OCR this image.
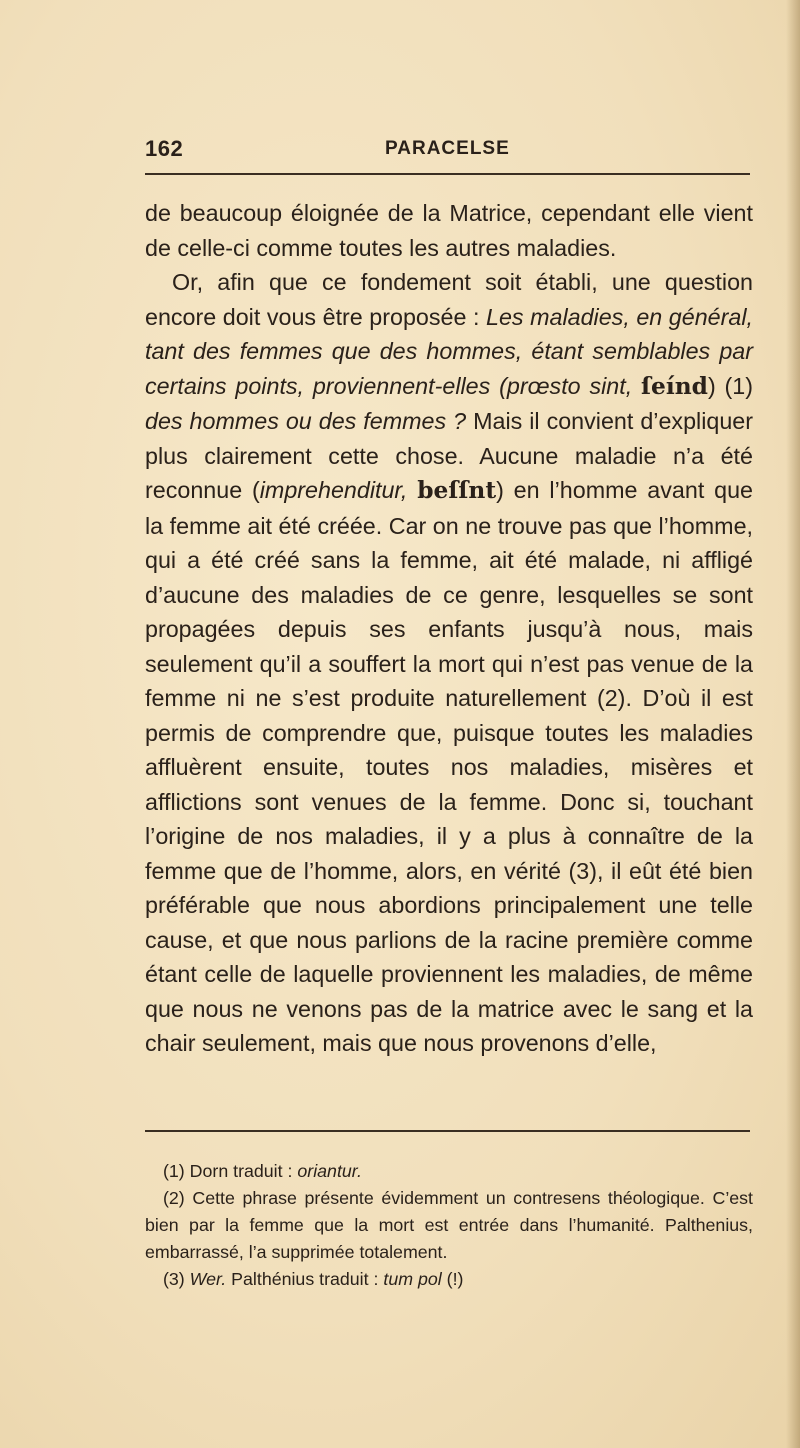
162	PARACELSE

de beaucoup éloignée de la Matrice, cependant elle vient de celle-ci comme toutes les autres maladies.

Or, afin que ce fondement soit établi, une question encore doit vous être proposée : Les maladies, en général, tant des femmes que des hommes, étant semblables par certains points, proviennent-elles (prœsto sint, ſeínd) (1) des hommes ou des femmes ? Mais il convient d’expliquer plus clairement cette chose. Aucune maladie n’a été reconnue (imprehenditur, beſſnt) en l’homme avant que la femme ait été créée. Car on ne trouve pas que l’homme, qui a été créé sans la femme, ait été malade, ni affligé d’aucune des maladies de ce genre, lesquelles se sont propagées depuis ses enfants jusqu’à nous, mais seulement qu’il a souffert la mort qui n’est pas venue de la femme ni ne s’est produite naturellement (2). D’où il est permis de comprendre que, puisque toutes les maladies affluèrent ensuite, toutes nos maladies, misères et afflictions sont venues de la femme. Donc si, touchant l’origine de nos maladies, il y a plus à connaître de la femme que de l’homme, alors, en vérité (3), il eût été bien préférable que nous abordions principalement une telle cause, et que nous parlions de la racine première comme étant celle de laquelle proviennent les maladies, de même que nous ne venons pas de la matrice avec le sang et la chair seulement, mais que nous provenons d’elle,

(1) Dorn traduit : oriantur.

(2) Cette phrase présente évidemment un contresens théologique. C’est bien par la femme que la mort est entrée dans l’humanité. Palthenius, embarrassé, l’a supprimée totalement.

(3) Wer. Palthénius traduit : tum pol (!)
